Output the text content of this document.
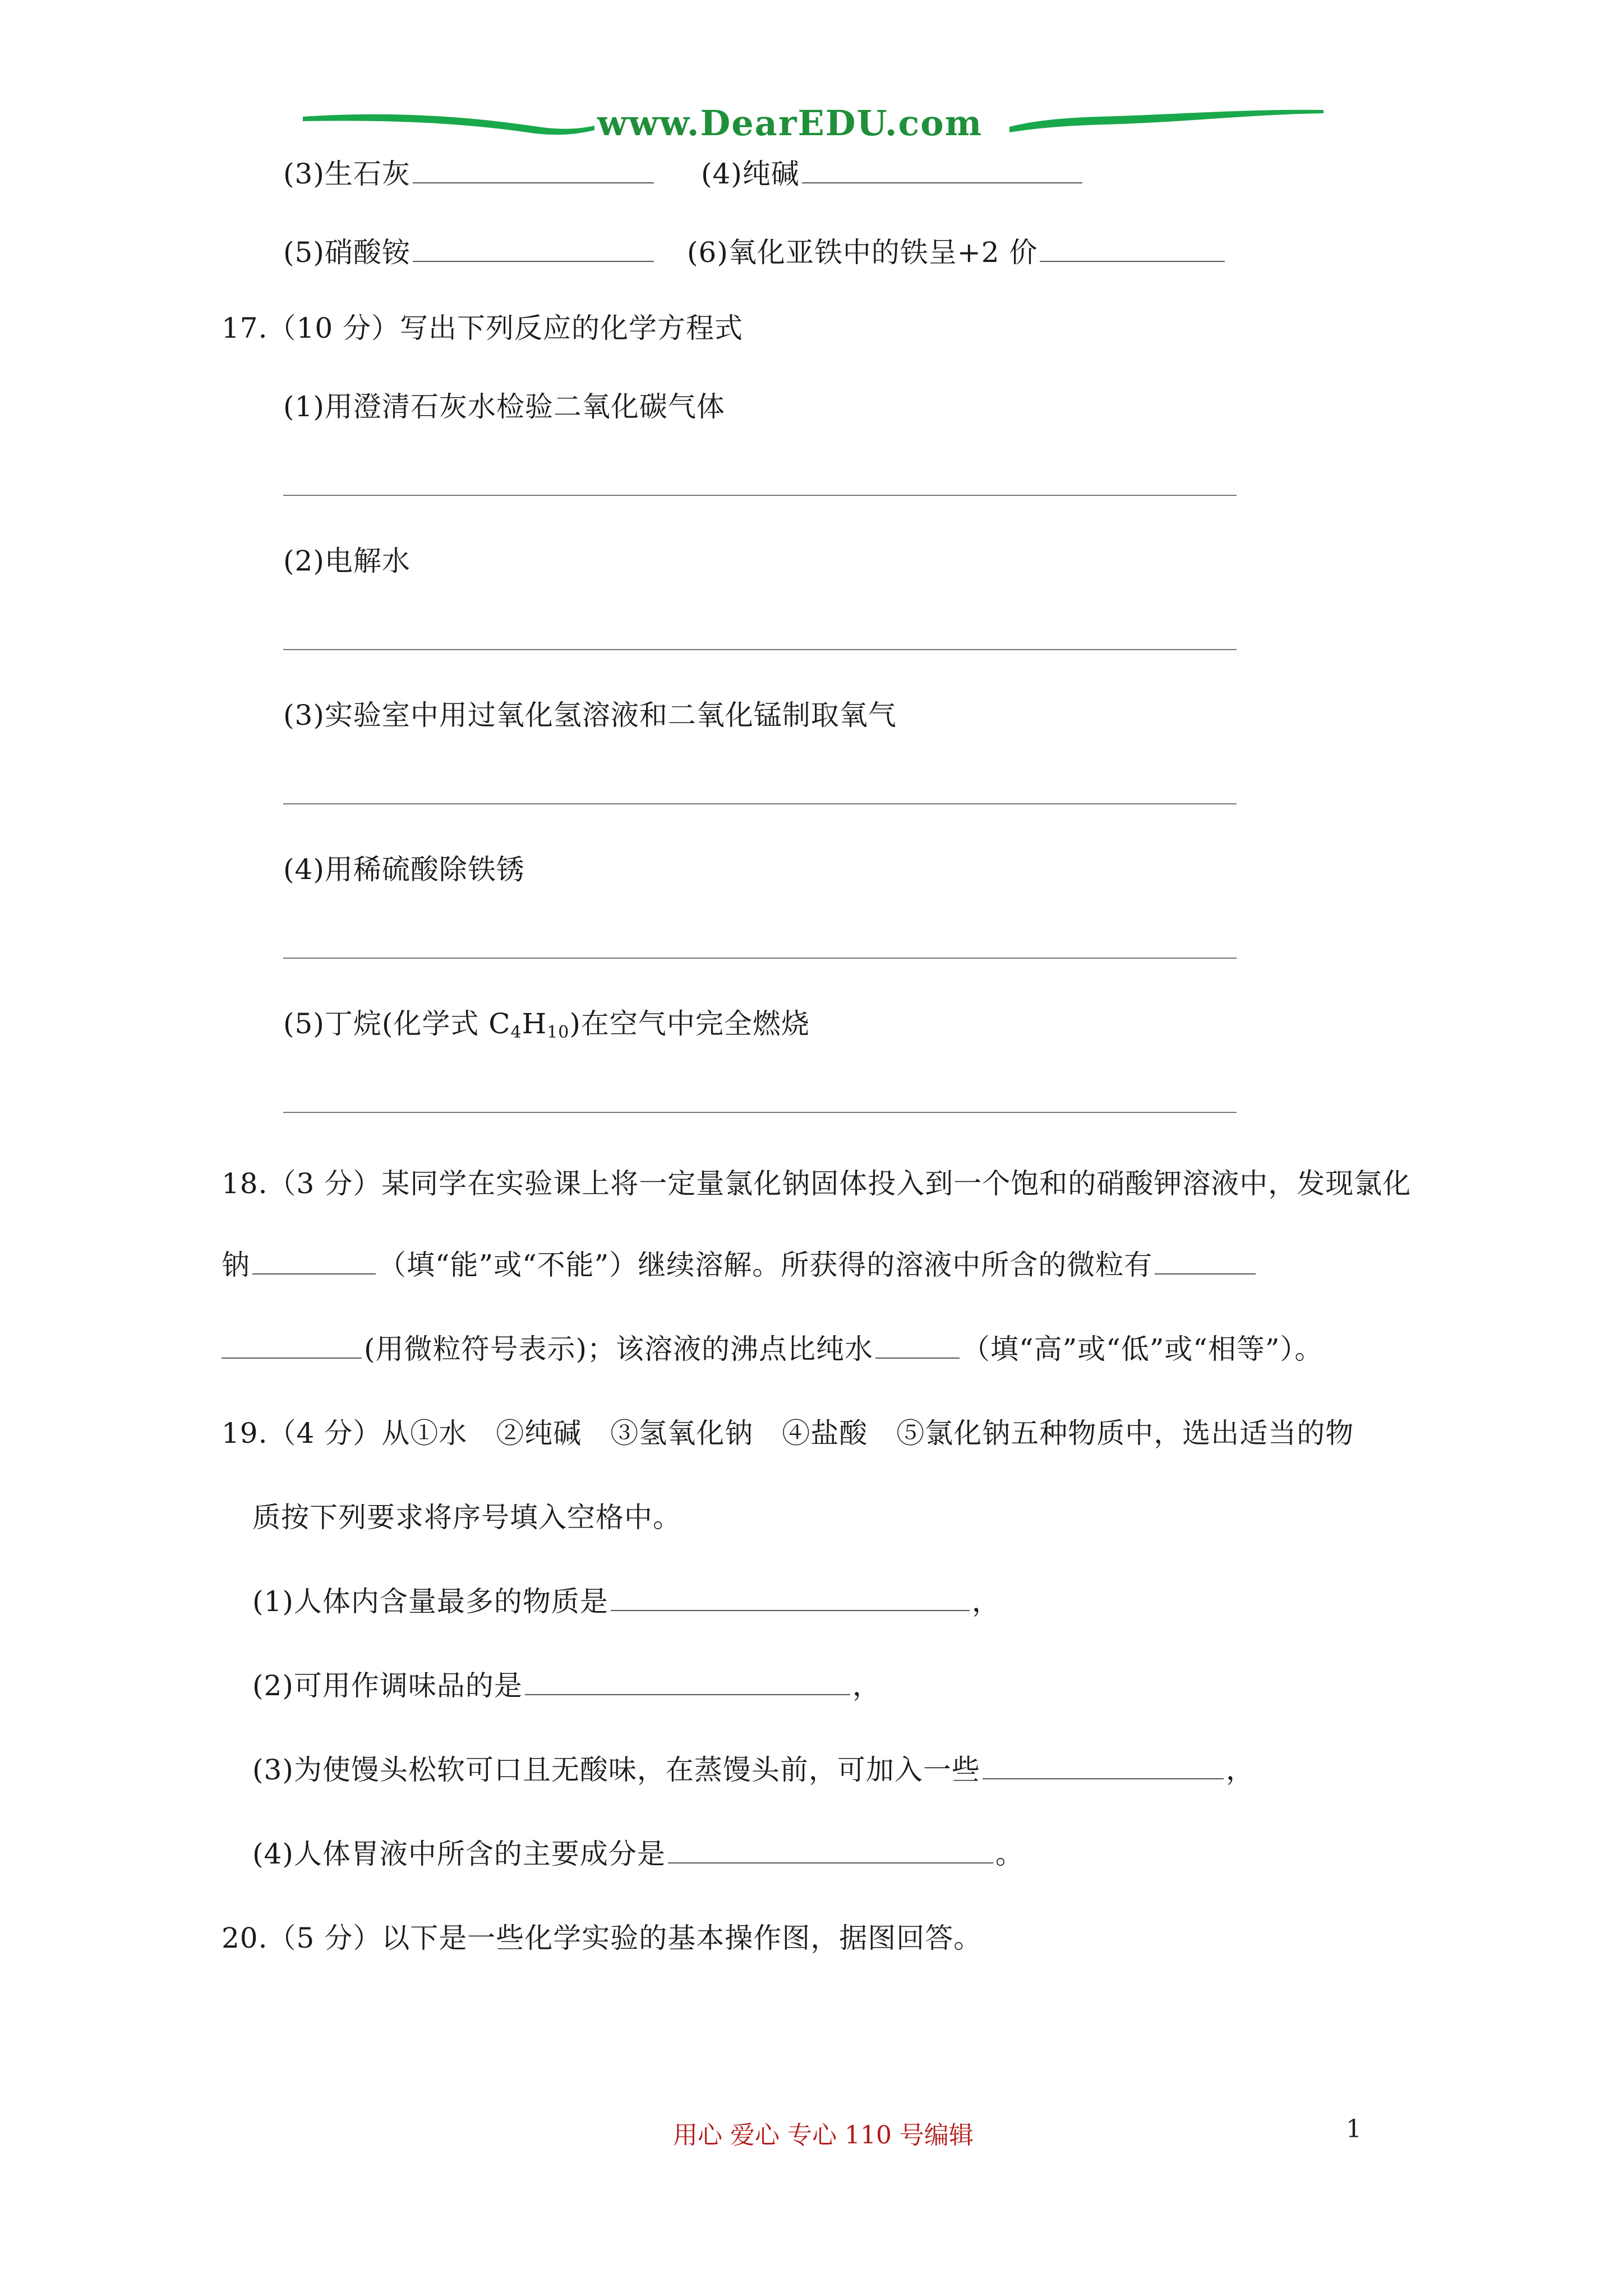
www.DearEDU.com
(3)生石灰	(4)纯碱
(5)硝酸铵	(6)氧化亚铁中的铁呈+2 价
17.（10 分）写出下列反应的化学方程式
(1)用澄清石灰水检验二氧化碳气体
(2)电解水
(3)实验室中用过氧化氢溶液和二氧化锰制取氧气
(4)用稀硫酸除铁锈
(5)丁烷(化学式 $C_4H_{10}$)在空气中完全燃烧
18.（3 分）某同学在实验课上将一定量氯化钠固体投入到一个饱和的硝酸钾溶液中，发现氯化
钠	（填“能”或“不能”）继续溶解。所获得的溶液中所含的微粒有
(用微粒符号表示)；该溶液的沸点比纯水	（填“高”或“低”或“相等”）。
19.（4 分）从①水　②纯碱　③氢氧化钠　④盐酸　⑤氯化钠五种物质中，选出适当的物
质按下列要求将序号填入空格中。
(1)人体内含量最多的物质是	，
(2)可用作调味品的是	，
(3)为使馒头松软可口且无酸味，在蒸馒头前，可加入一些	，
(4)人体胃液中所含的主要成分是	。
20.（5 分）以下是一些化学实验的基本操作图，据图回答。
用心 爱心 专心 110 号编辑	1
